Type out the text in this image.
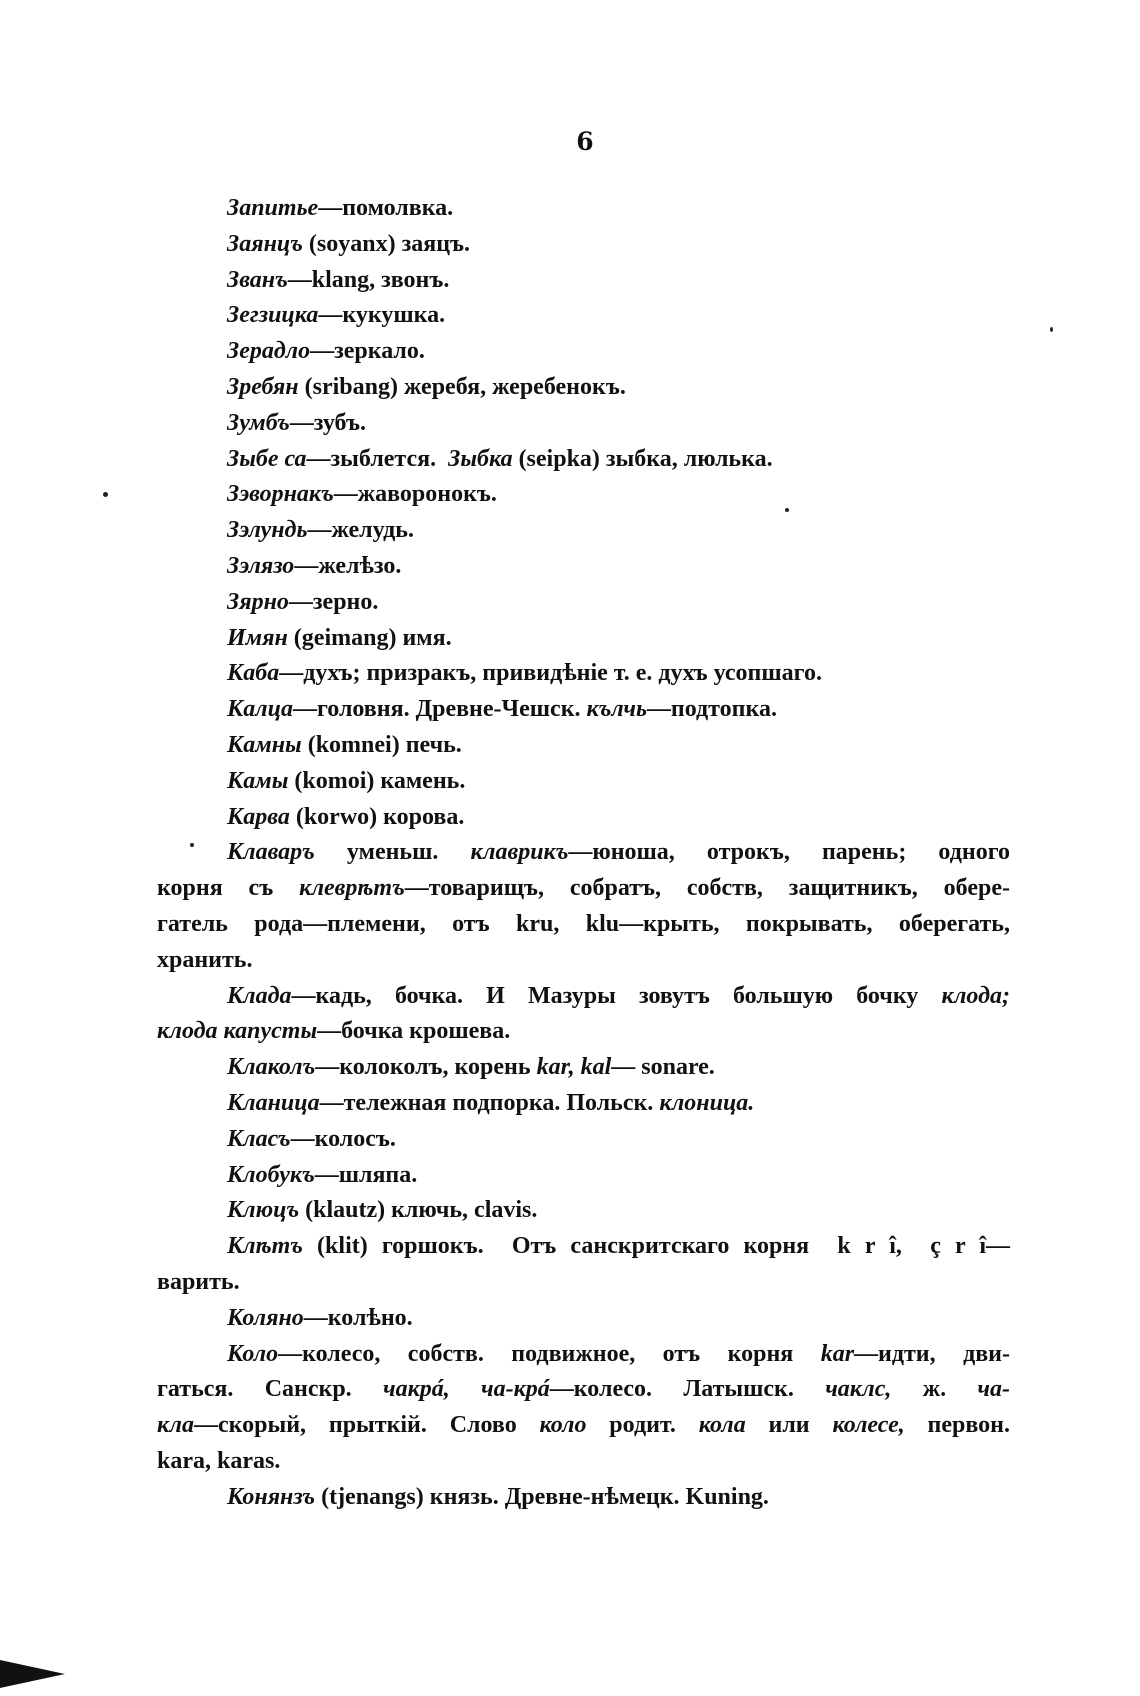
6
Запитье—помолвка.
Заянцъ (soyanx) заяцъ.
Званъ—klang, звонъ.
Зегзицка—кукушка.
Зерадло—зеркало.
Зребян (sribang) жеребя, жеребенокъ.
Зумбъ—зубъ.
Зыбе са—зыблется.  Зыбка (seipka) зыбка, люлька.
Зэворнакъ—жаворонокъ.
Зэлундь—желудь.
Зэлязо—желѣзо.
Зярно—зерно.
Имян (geimang) имя.
Каба—духъ; призракъ, привидѣніе т. е. духъ усопшаго.
Калца—головня. Древне-Чешск. кълчь—подтопка.
Камны (komnei) печь.
Камы (komoi) камень.
Карва (korwo) корова.
Клаваръ уменьш. клаврикъ—юноша, отрокъ, парень; одного
корня съ клеврѣтъ—товарищъ, собратъ, собств, защитникъ, обере-
гатель рода—племени, отъ kru, klu—крыть, покрывать, оберегать,
хранить.
Клада—кадь, бочка. И Мазуры зовутъ большую бочку клода;
клода капусты—бочка крошева.
Клаколъ—колоколъ, корень kar, kal— sonare.
Кланица—тележная подпорка. Польск. клоница.
Класъ—колосъ.
Клобукъ—шляпа.
Клюцъ (klautz) ключь, clavis.
Клѣтъ (klit) горшокъ.  Отъ санскритскаго корня  k r î,  ç r î—
варить.
Коляно—колѣно.
Коло—колесо, собств. подвижное, отъ корня kar—идти, дви-
гаться. Санскр. чакрá, ча-крá—колесо. Латышск. чаклс, ж. ча-
кла—скорый, прыткій. Слово коло родит. кола или колесе, первон.
kara, karas.
Конянзъ (tjenangs) князь. Древне-нѣмецк. Kuning.
